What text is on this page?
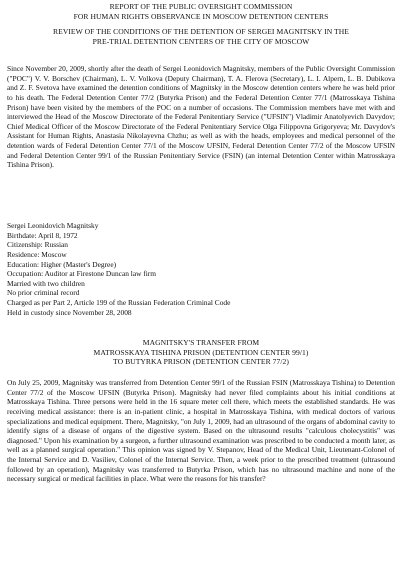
REPORT OF THE PUBLIC OVERSIGHT COMMISSION
FOR HUMAN RIGHTS OBSERVANCE IN MOSCOW DETENTION CENTERS
REVIEW OF THE CONDITIONS OF THE DETENTION OF SERGEI MAGNITSKY IN THE
PRE-TRIAL DETENTION CENTERS OF THE CITY OF MOSCOW

Since November 20, 2009, shortly after the death of Sergei Leonidovich Magnitsky, members of the Public Oversight Commission ("POC") V. V. Borschev (Chairman), L. V. Volkova (Deputy Chairman), T. A. Flerova (Secretary), L. I. Alpern, L. B. Dubikova and Z. F. Svetova have examined the detention conditions of Magnitsky in the Moscow detention centers where he was held prior to his death. The Federal Detention Center 77/2 (Butyrka Prison) and the Federal Detention Center 77/1 (Matrosskaya Tishina Prison) have been visited by the members of the POC on a number of occasions. The Commission members have met with and interviewed the Head of the Moscow Directorate of the Federal Penitentiary Service ("UFSIN") Vladimir Anatolyevich Davydov; Chief Medical Officer of the Moscow Directorate of the Federal Penitentiary Service Olga Filippovna Grigoryeva; Mr. Davydov's Assistant for Human Rights, Anastasia Nikolayevna Chzhu; as well as with the heads, employees and medical personnel of the detention wards of Federal Detention Center 77/1 of the Moscow UFSIN, Federal Detention Center 77/2 of the Moscow UFSIN and Federal Detention Center 99/1 of the Russian Penitentiary Service (FSIN) (an internal Detention Center within Matrosskaya Tishina Prison).

Sergei Leonidovich Magnitsky
Birthdate: April 8, 1972
Citizenship: Russian
Residence: Moscow
Education: Higher (Master's Degree)
Occupation: Auditor at Firestone Duncan law firm
Married with two children
No prior criminal record
Charged as per Part 2, Article 199 of the Russian Federation Criminal Code
Held in custody since November 28, 2008
MAGNITSKY'S TRANSFER FROM
MATROSSKAYA TISHINA PRISON (DETENTION CENTER 99/1)
TO BUTYRKA PRISON (DETENTION CENTER 77/2)

On July 25, 2009, Magnitsky was transferred from Detention Center 99/1 of the Russian FSIN (Matrosskaya Tishina) to Detention Center 77/2 of the Moscow UFSIN (Butyrka Prison). Magnitsky had never filed complaints about his initial conditions at Matrosskaya Tishina. Three persons were held in the 16 square meter cell there, which meets the established standards. He was receiving medical assistance: there is an in-patient clinic, a hospital in Matrosskaya Tishina, with medical doctors of various specializations and medical equipment. There, Magnitsky, "on July 1, 2009, had an ultrasound of the organs of abdominal cavity to identify signs of a disease of organs of the digestive system. Based on the ultrasound results "calculous cholecystitis" was diagnosed." Upon his examination by a surgeon, a further ultrasound examination was prescribed to be conducted a month later, as well as a planned surgical operation." This opinion was signed by V. Stepanov, Head of the Medical Unit, Lieutenant-Colonel of the Internal Service and D. Vasiliev, Colonel of the Internal Service. Then, a week prior to the prescribed treatment (ultrasound followed by an operation), Magnitsky was transferred to Butyrka Prison, which has no ultrasound machine and none of the necessary surgical or medical facilities in place. What were the reasons for his transfer?
